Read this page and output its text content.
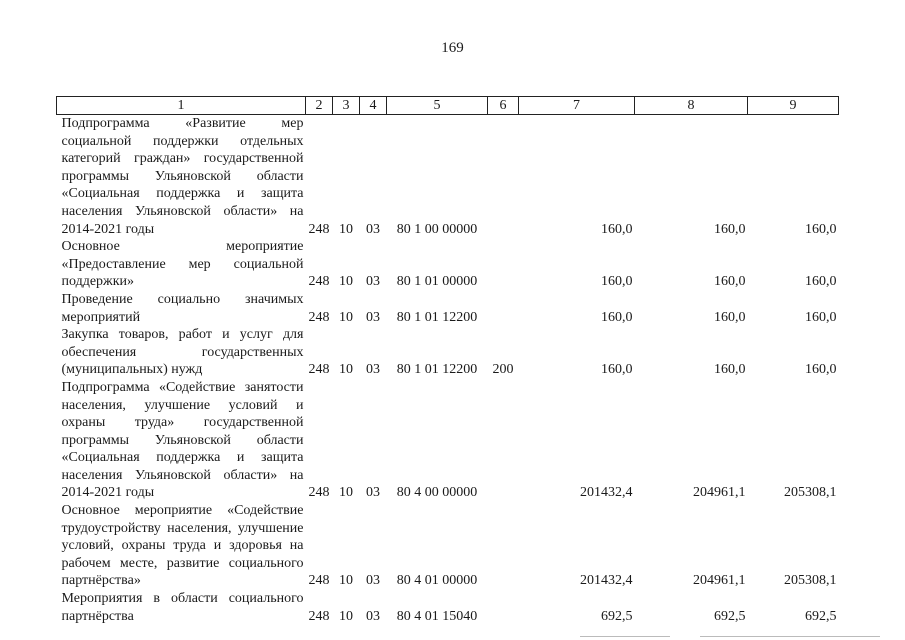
169
1	2	3	4	5	6	7	8	9
Подпрограмма «Развитие мер социальной поддержки отдельных категорий граждан» государственной программы Ульяновской области «Социальная поддержка и защита населения Ульяновской области» на 2014-2021 годы	248	10	03	80 1 00 00000		160,0	160,0	160,0
Основное мероприятие «Предоставление мер социальной поддержки»	248	10	03	80 1 01 00000		160,0	160,0	160,0
Проведение социально значимых мероприятий	248	10	03	80 1 01 12200		160,0	160,0	160,0
Закупка товаров, работ и услуг для обеспечения государственных (муниципальных) нужд	248	10	03	80 1 01 12200	200	160,0	160,0	160,0
Подпрограмма «Содействие занятости населения, улучшение условий и охраны труда» государственной программы Ульяновской области «Социальная поддержка и защита населения Ульяновской области» на 2014-2021 годы	248	10	03	80 4 00 00000		201432,4	204961,1	205308,1
Основное мероприятие «Содействие трудоустройству населения, улучшение условий, охраны труда и здоровья на рабочем месте, развитие социального партнёрства»	248	10	03	80 4 01 00000		201432,4	204961,1	205308,1
Мероприятия в области социального партнёрства	248	10	03	80 4 01 15040		692,5	692,5	692,5
